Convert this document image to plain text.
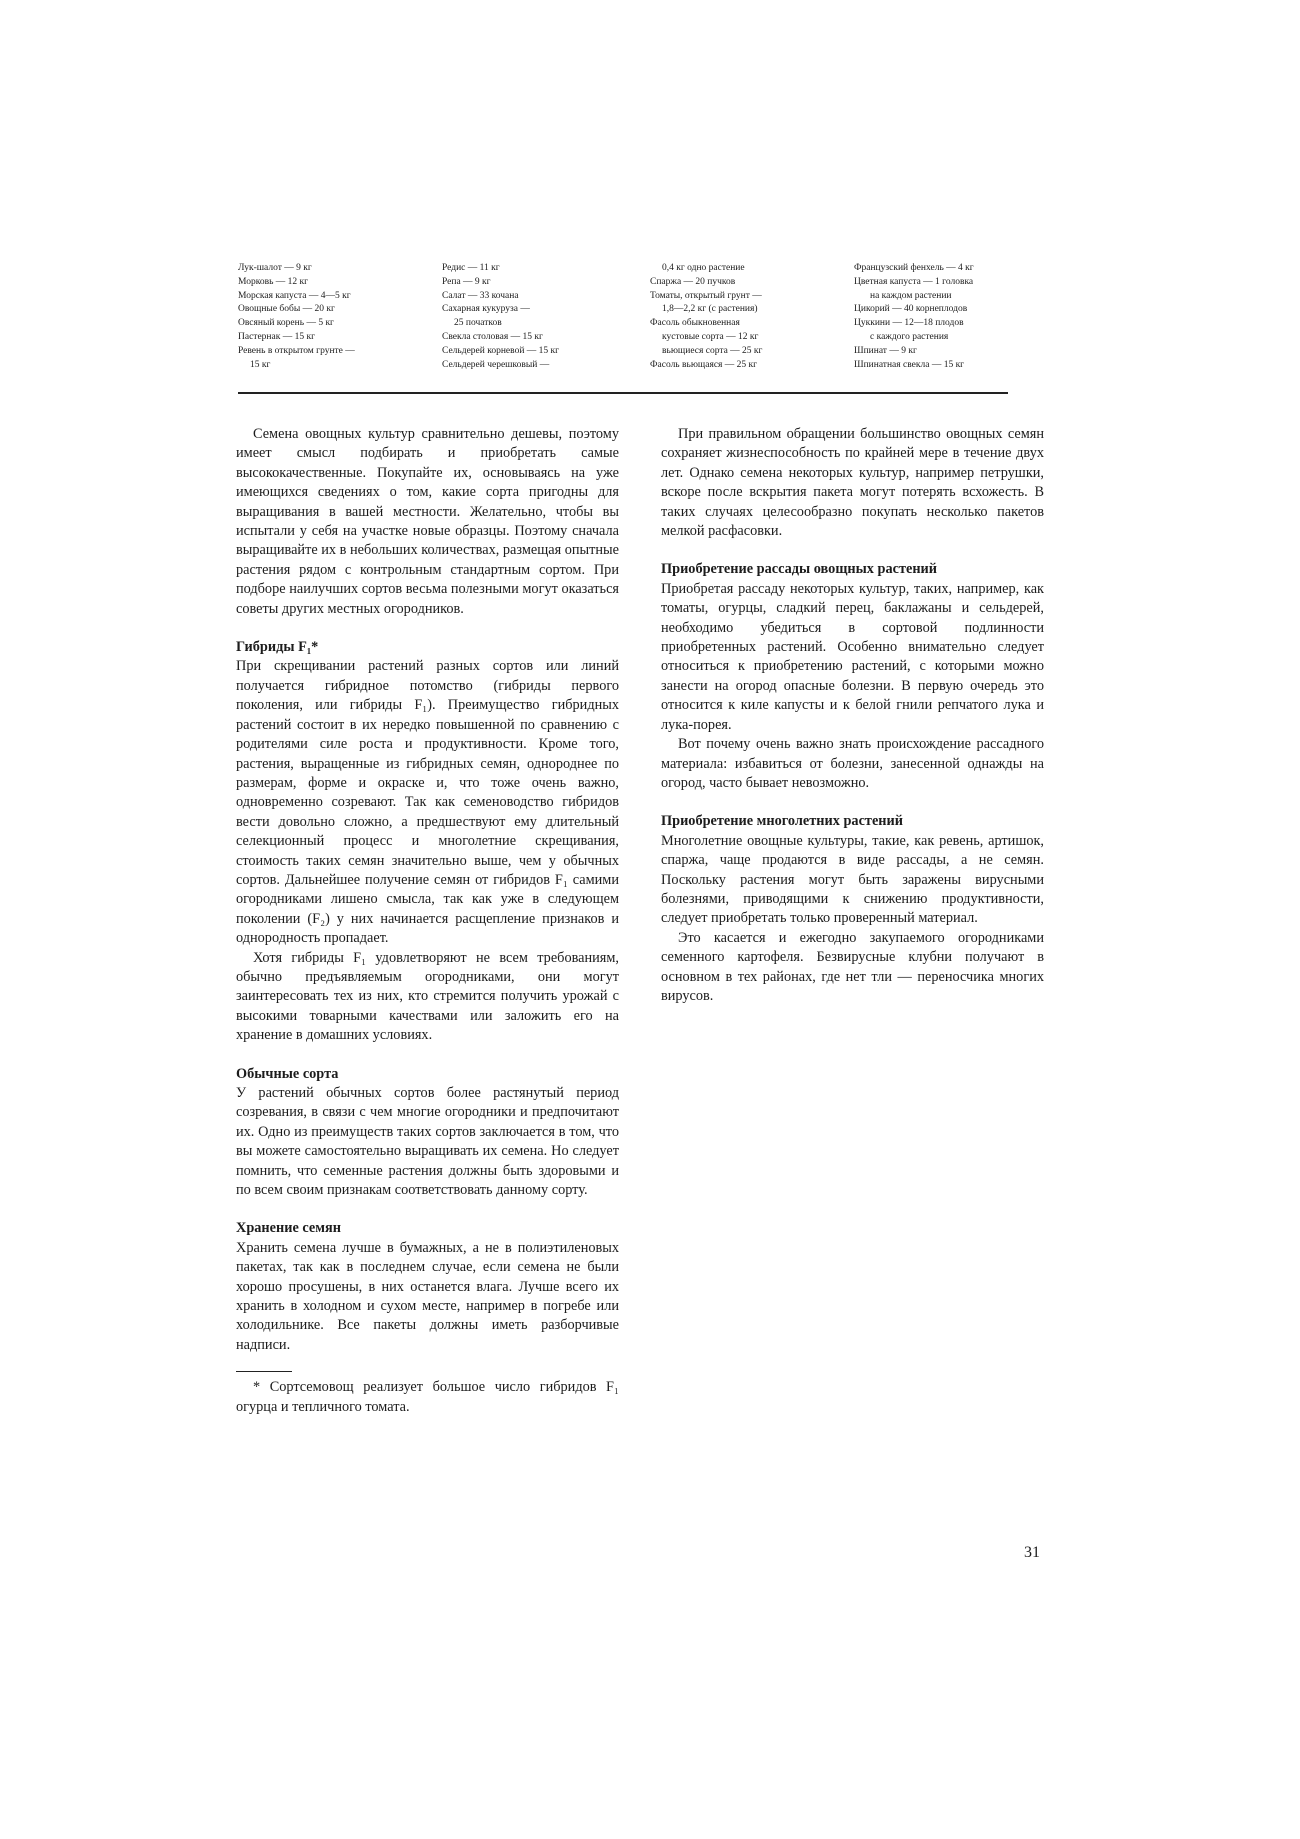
Лук-шалот — 9 кг
Морковь — 12 кг
Морская капуста — 4—5 кг
Овощные бобы — 20 кг
Овсяный корень — 5 кг
Пастернак — 15 кг
Ревень в открытом грунте —
15 кг
Редис — 11 кг
Репа — 9 кг
Салат — 33 кочана
Сахарная кукуруза —
25 початков
Свекла столовая — 15 кг
Сельдерей корневой — 15 кг
Сельдерей черешковый —
0,4 кг одно растение
Спаржа — 20 пучков
Томаты, открытый грунт —
1,8—2,2 кг (с растения)
Фасоль обыкновенная
кустовые сорта — 12 кг
вьющиеся сорта — 25 кг
Фасоль вьющаяся — 25 кг
Французский фенхель — 4 кг
Цветная капуста — 1 головка
на каждом растении
Цикорий — 40 корнеплодов
Цуккини — 12—18 плодов
с каждого растения
Шпинат — 9 кг
Шпинатная свекла — 15 кг

Семена овощных культур сравнительно дешевы, поэтому имеет смысл подбирать и приобретать самые высококачественные. Покупайте их, основываясь на уже имеющихся сведениях о том, какие сорта пригодны для выращивания в вашей местности. Желательно, чтобы вы испытали у себя на участке новые образцы. Поэтому сначала выращивайте их в небольших количествах, размещая опытные растения рядом с контрольным стандартным сортом. При подборе наилучших сортов весьма полезными могут оказаться советы других местных огородников.

Гибриды F₁*

При скрещивании растений разных сортов или линий получается гибридное потомство (гибриды первого поколения, или гибриды F₁). Преимущество гибридных растений состоит в их нередко повышенной по сравнению с родителями силе роста и продуктивности. Кроме того, растения, выращенные из гибридных семян, однороднее по размерам, форме и окраске и, что тоже очень важно, одновременно созревают. Так как семеноводство гибридов вести довольно сложно, а предшествуют ему длительный селекционный процесс и многолетние скрещивания, стоимость таких семян значительно выше, чем у обычных сортов. Дальнейшее получение семян от гибридов F₁ самими огородниками лишено смысла, так как уже в следующем поколении (F₂) у них начинается расщепление признаков и однородность пропадает.

Хотя гибриды F₁ удовлетворяют не всем требованиям, обычно предъявляемым огородниками, они могут заинтересовать тех из них, кто стремится получить урожай с высокими товарными качествами или заложить его на хранение в домашних условиях.

Обычные сорта

У растений обычных сортов более растянутый период созревания, в связи с чем многие огородники и предпочитают их. Одно из преимуществ таких сортов заключается в том, что вы можете самостоятельно выращивать их семена. Но следует помнить, что семенные растения должны быть здоровыми и по всем своим признакам соответствовать данному сорту.

Хранение семян

Хранить семена лучше в бумажных, а не в полиэтиленовых пакетах, так как в последнем случае, если семена не были хорошо просушены, в них останется влага. Лучше всего их хранить в холодном и сухом месте, например в погребе или холодильнике. Все пакеты должны иметь разборчивые надписи.

* Сортсемовощ реализует большое число гибридов F₁ огурца и тепличного томата.

При правильном обращении большинство овощных семян сохраняет жизнеспособность по крайней мере в течение двух лет. Однако семена некоторых культур, например петрушки, вскоре после вскрытия пакета могут потерять всхожесть. В таких случаях целесообразно покупать несколько пакетов мелкой расфасовки.

Приобретение рассады овощных растений

Приобретая рассаду некоторых культур, таких, например, как томаты, огурцы, сладкий перец, баклажаны и сельдерей, необходимо убедиться в сортовой подлинности приобретенных растений. Особенно внимательно следует относиться к приобретению растений, с которыми можно занести на огород опасные болезни. В первую очередь это относится к киле капусты и к белой гнили репчатого лука и лука-порея.

Вот почему очень важно знать происхождение рассадного материала: избавиться от болезни, занесенной однажды на огород, часто бывает невозможно.

Приобретение многолетних растений

Многолетние овощные культуры, такие, как ревень, артишок, спаржа, чаще продаются в виде рассады, а не семян. Поскольку растения могут быть заражены вирусными болезнями, приводящими к снижению продуктивности, следует приобретать только проверенный материал.

Это касается и ежегодно закупаемого огородниками семенного картофеля. Безвирусные клубни получают в основном в тех районах, где нет тли — переносчика многих вирусов.

31
